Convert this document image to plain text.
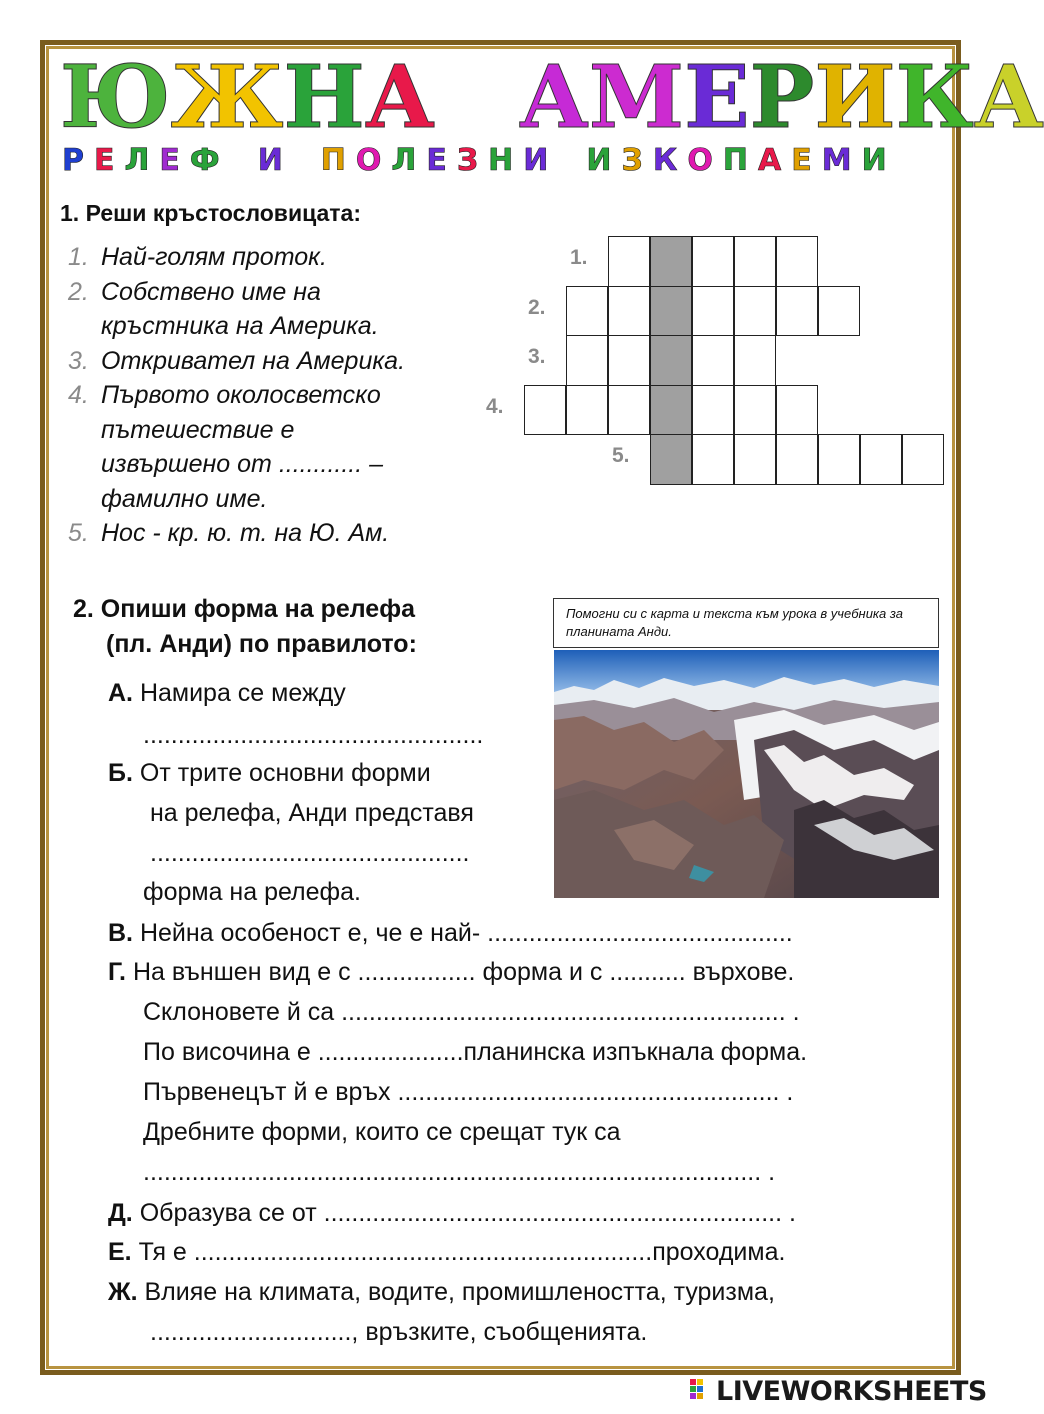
ЮЖНА АМЕРИКА
Р Е Л Е Ф И П О Л Е З Н И И З К О П А Е М И
1. Реши кръстословицата:
1. Най-голям проток.
2. Собствено име на
кръстника на Америка.
3. Откривател на Америка.
4. Първото околосветско
пътешествие е
извършено от ............ –
фамилно име.
5. Нос - кр. ю. т. на Ю. Ам.
1.
2.
3.
4.
5.
2. Опиши форма на релефа
(пл. Анди) по правилото:
Помогни си с карта и текста към урока в учебника за планината Анди.
А. Намира се между
.................................................
Б. От трите основни форми
на релефа, Анди представя
..............................................
форма на релефа.
В. Нейна особеност е, че е най- ............................................
Г. На външен вид е с ................. форма и с ........... върхове.
Склоновете й са ................................................................ .
По височина е .....................планинска изпъкнала форма.
Първенецът й е връх ....................................................... .
Дребните форми, които се срещат тук са
......................................................................................... .
Д. Образува се от .................................................................. .
Е. Тя е ..................................................................проходима.
Ж. Влияе на климата, водите, промишлеността, туризма,
............................., връзките, съобщенията.
LIVEWORKSHEETS
